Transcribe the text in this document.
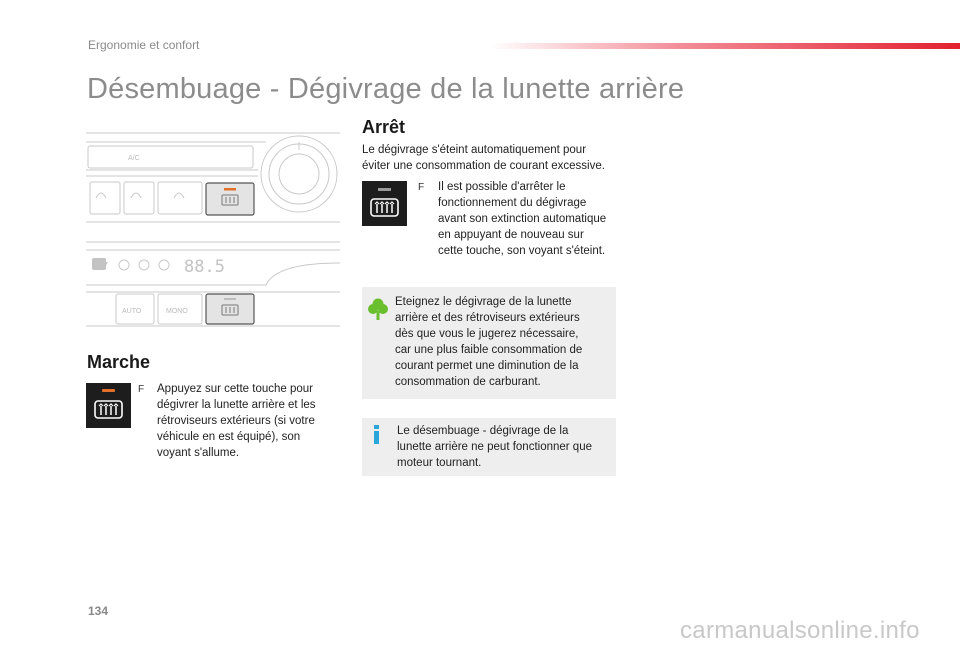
Ergonomie et confort
Désembuage - Dégivrage de la lunette arrière
A/C
88.5
AUTO	MONO
Marche
F Appuyez sur cette touche pour
dégivrer la lunette arrière et les
rétroviseurs extérieurs (si votre
véhicule en est équipé), son
voyant s'allume.
Arrêt
Le dégivrage s'éteint automatiquement pour
éviter une consommation de courant excessive.
F Il est possible d'arrêter le
fonctionnement du dégivrage
avant son extinction automatique
en appuyant de nouveau sur
cette touche, son voyant s'éteint.
Eteignez le dégivrage de la lunette
arrière et des rétroviseurs extérieurs
dès que vous le jugerez nécessaire,
car une plus faible consommation de
courant permet une diminution de la
consommation de carburant.
Le désembuage - dégivrage de la
lunette arrière ne peut fonctionner que
moteur tournant.
134
carmanualsonline.info
